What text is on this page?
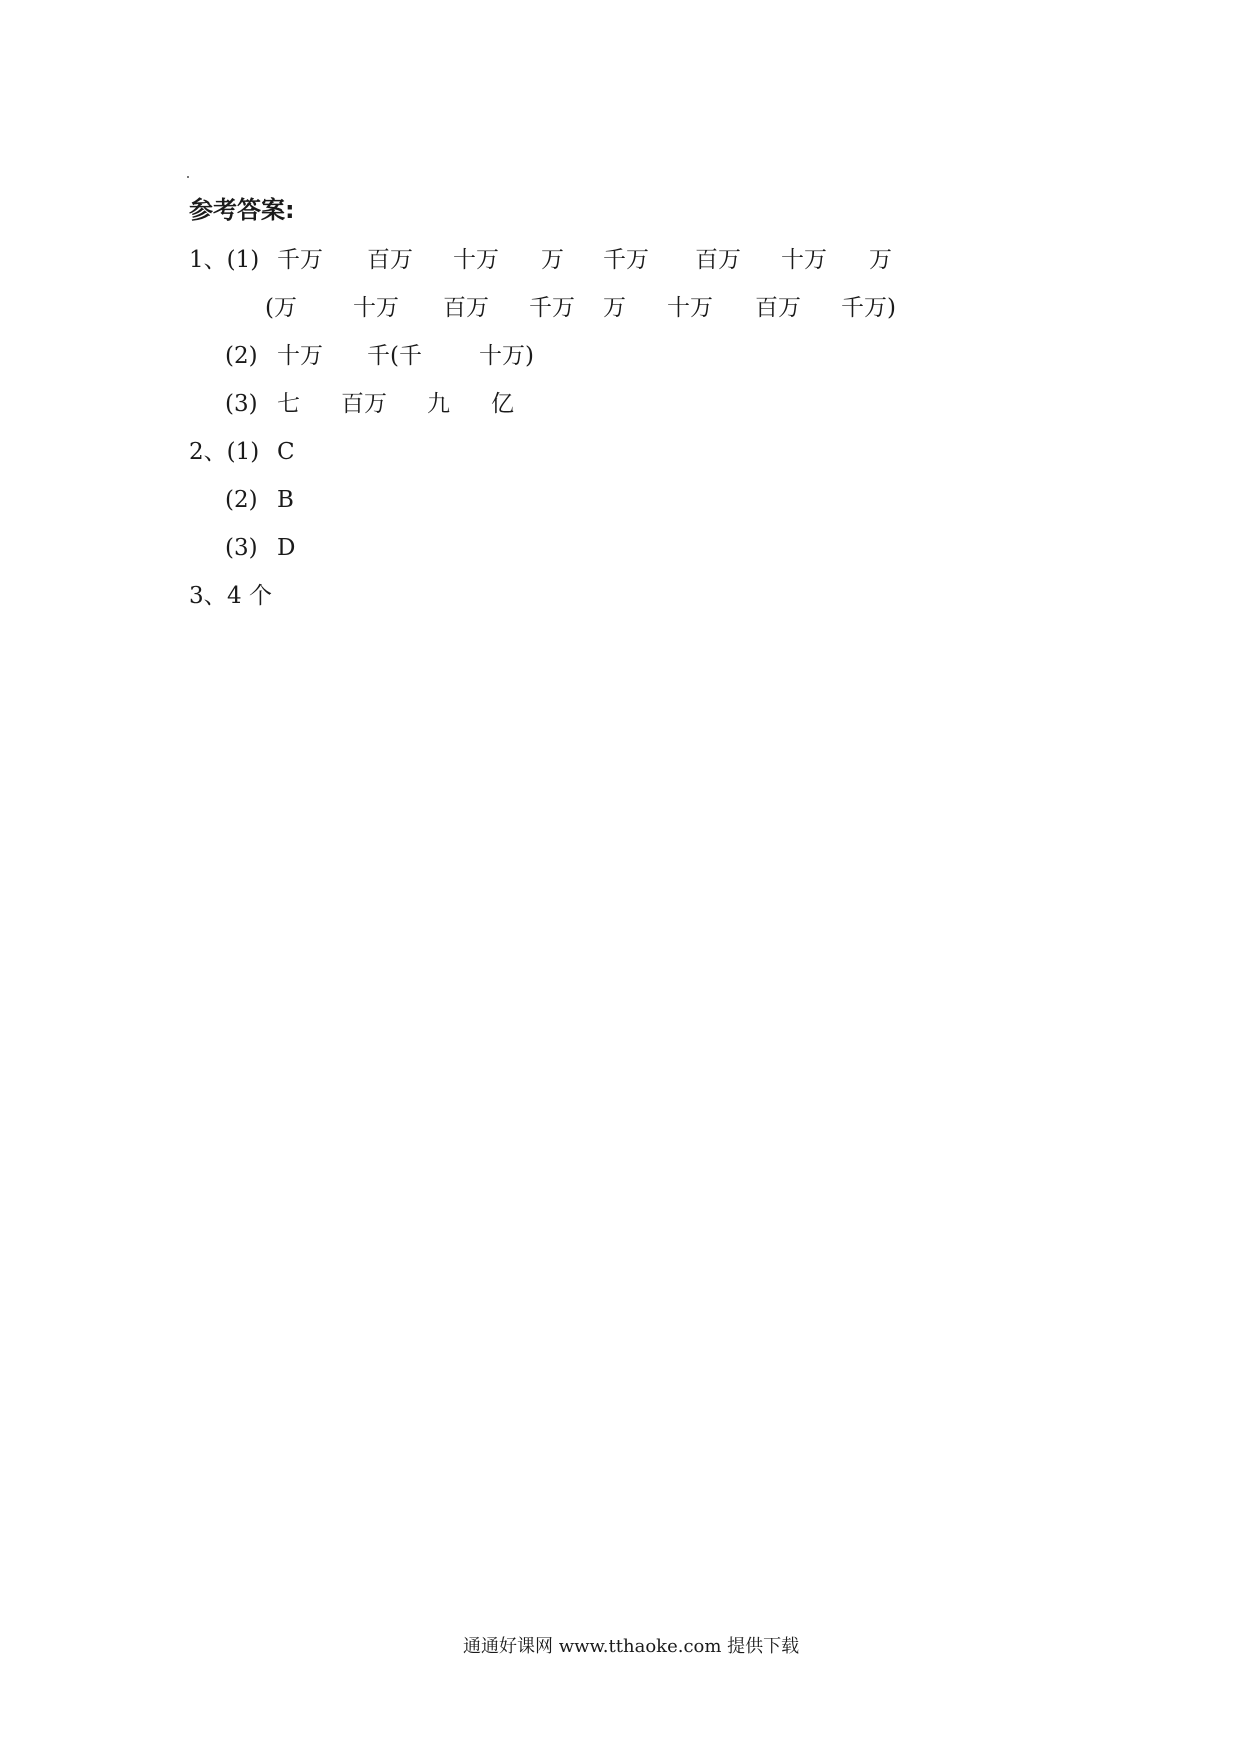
参考答案:
1、(1) 千万 百万 十万 万 千万 百万 十万 万
(万 十万 百万 千万 万 十万 百万 千万)
(2) 十万 千(千 十万)
(3) 七 百万 九 亿
2、(1) C
(2) B
(3) D
3、 4 个
通通好课网 www.tthaoke.com 提供下载
